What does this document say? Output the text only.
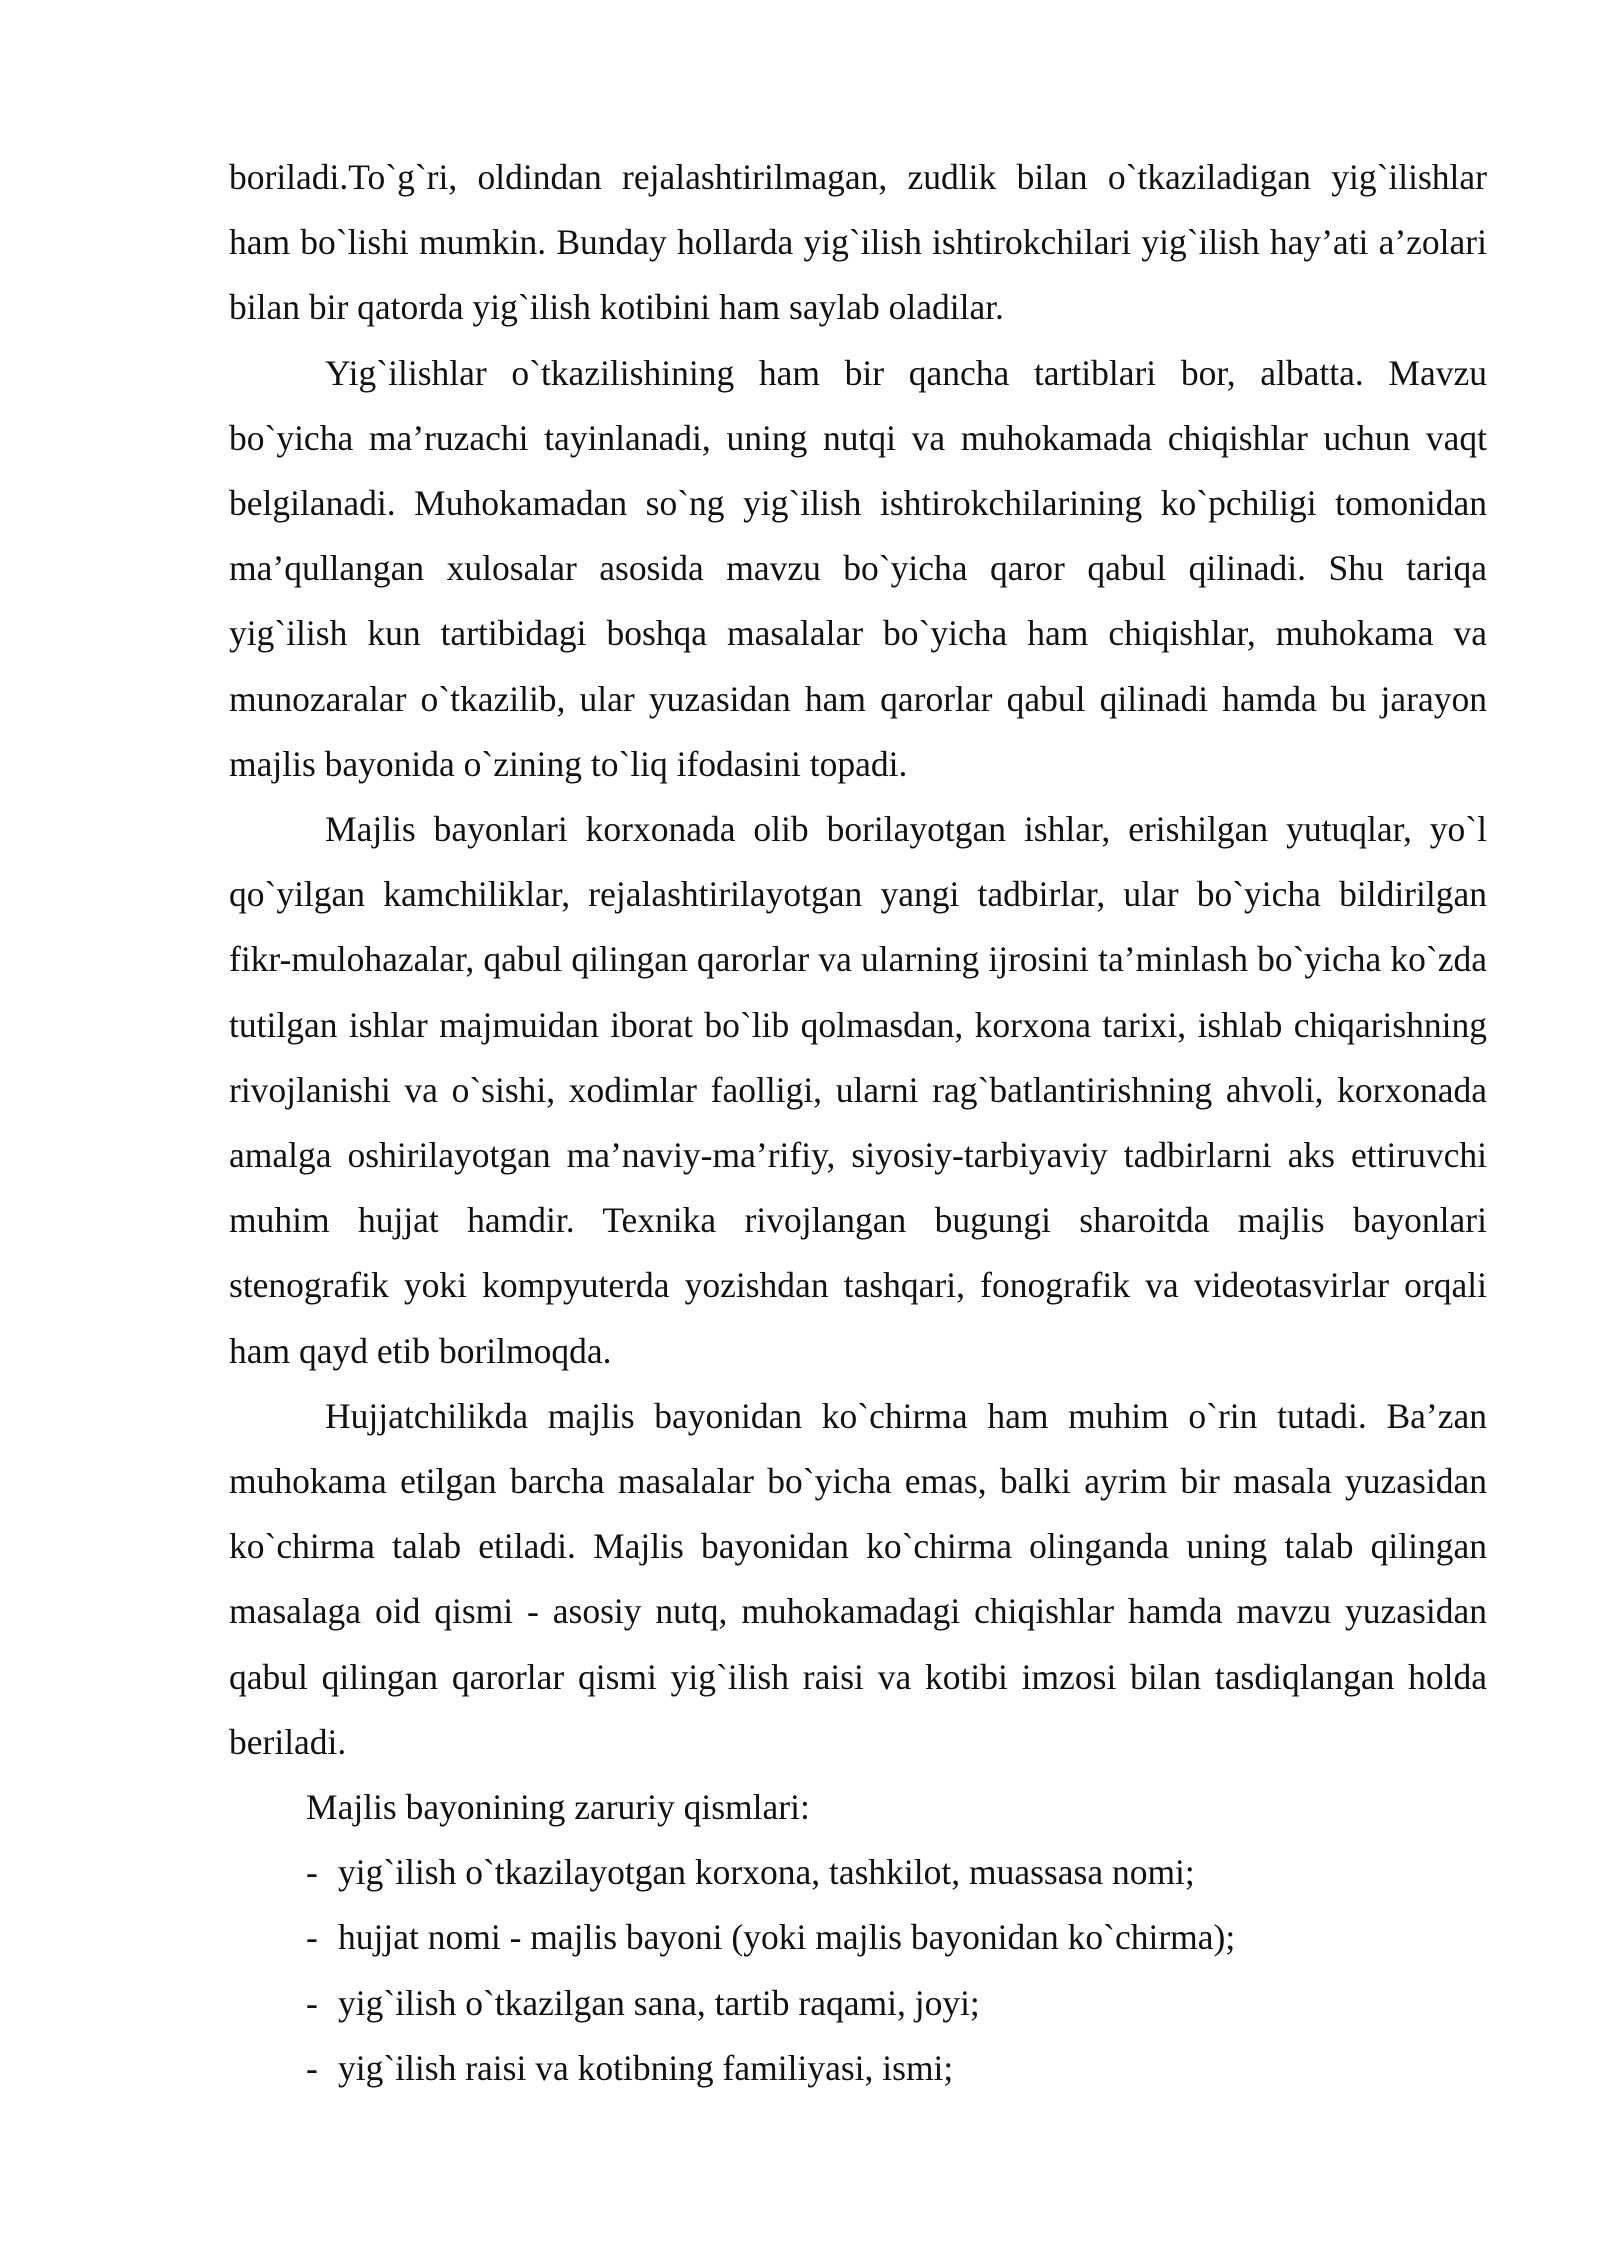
boriladi.To`g`ri, oldindan rejalashtirilmagan, zudlik bilan o`tkaziladigan yig`ilishlar ham bo`lishi mumkin. Bunday hollarda yig`ilish ishtirokchilari yig`ilish hay’ati a’zolari bilan bir qatorda yig`ilish kotibini ham saylab oladilar.

Yig`ilishlar o`tkazilishining ham bir qancha tartiblari bor, albatta. Mavzu bo`yicha ma’ruzachi tayinlanadi, uning nutqi va muhokamada chiqishlar uchun vaqt belgilanadi. Muhokamadan so`ng yig`ilish ishtirokchilarining ko`pchiligi tomonidan ma’qullangan xulosalar asosida mavzu bo`yicha qaror qabul qilinadi. Shu tariqa yig`ilish kun tartibidagi boshqa masalalar bo`yicha ham chiqishlar, muhokama va munozaralar o`tkazilib, ular yuzasidan ham qarorlar qabul qilinadi hamda bu jarayon majlis bayonida o`zining to`liq ifodasini topadi.

Majlis bayonlari korxonada olib borilayotgan ishlar, erishilgan yutuqlar, yo`l qo`yilgan kamchiliklar, rejalashtirilayotgan yangi tadbirlar, ular bo`yicha bildirilgan fikr-mulohazalar, qabul qilingan qarorlar va ularning ijrosini ta’minlash bo`yicha ko`zda tutilgan ishlar majmuidan iborat bo`lib qolmasdan, korxona tarixi, ishlab chiqarishning rivojlanishi va o`sishi, xodimlar faolligi, ularni rag`batlantirishning ahvoli, korxonada amalga oshirilayotgan ma’naviy-ma’rifiy, siyosiy-tarbiyaviy tadbirlarni aks ettiruvchi muhim hujjat hamdir. Texnika rivojlangan bugungi sharoitda majlis bayonlari stenografik yoki kompyuterda yozishdan tashqari, fonografik va videotasvirlar orqali ham qayd etib borilmoqda.

Hujjatchilikda majlis bayonidan ko`chirma ham muhim o`rin tutadi. Ba’zan muhokama etilgan barcha masalalar bo`yicha emas, balki ayrim bir masala yuzasidan ko`chirma talab etiladi. Majlis bayonidan ko`chirma olinganda uning talab qilingan masalaga oid qismi - asosiy nutq, muhokamadagi chiqishlar hamda mavzu yuzasidan qabul qilingan qarorlar qismi yig`ilish raisi va kotibi imzosi bilan tasdiqlangan holda beriladi.

Majlis bayonining zaruriy qismlari:

- yig`ilish o`tkazilayotgan korxona, tashkilot, muassasa nomi;
- hujjat nomi - majlis bayoni (yoki majlis bayonidan ko`chirma);
- yig`ilish o`tkazilgan sana, tartib raqami, joyi;
- yig`ilish raisi va kotibning familiyasi, ismi;
